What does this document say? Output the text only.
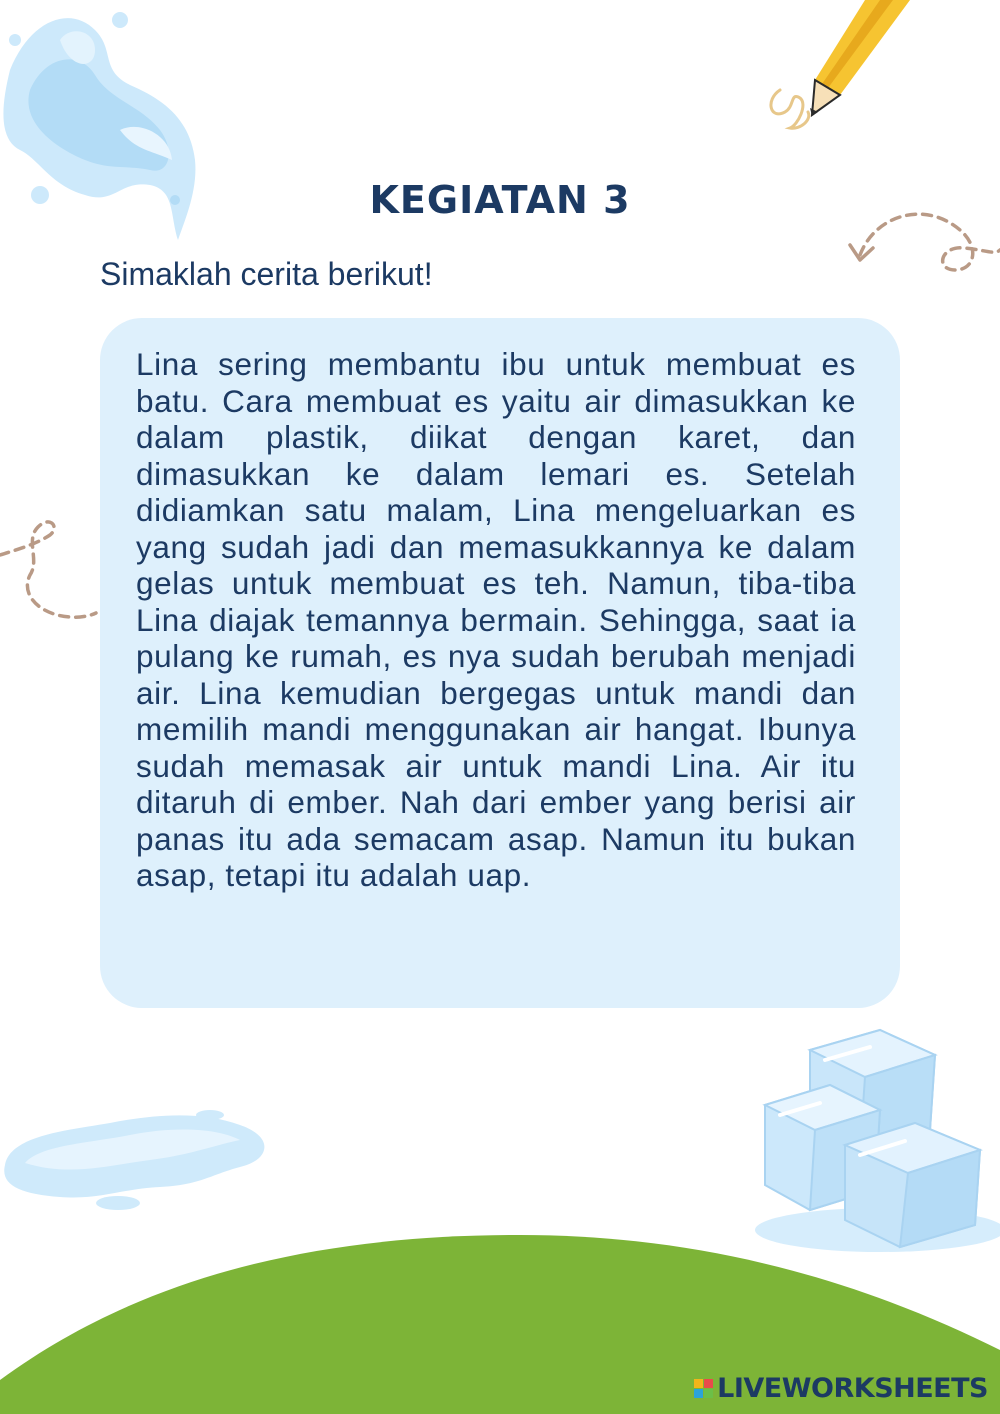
KEGIATAN 3
Simaklah cerita berikut!

Lina sering membantu ibu untuk membuat es batu. Cara membuat es yaitu air dimasukkan ke dalam plastik, diikat dengan karet, dan dimasukkan ke dalam lemari es. Setelah didiamkan satu malam, Lina mengeluarkan es yang sudah jadi dan memasukkannya ke dalam gelas untuk membuat es teh. Namun, tiba-tiba Lina diajak temannya bermain. Sehingga, saat ia pulang ke rumah, es nya sudah berubah menjadi air. Lina kemudian bergegas untuk mandi dan memilih mandi menggunakan air hangat. Ibunya sudah memasak air untuk mandi Lina. Air itu ditaruh di ember. Nah dari ember yang berisi air panas itu ada semacam asap. Namun itu bukan asap, tetapi itu adalah uap.

LIVEWORKSHEETS
